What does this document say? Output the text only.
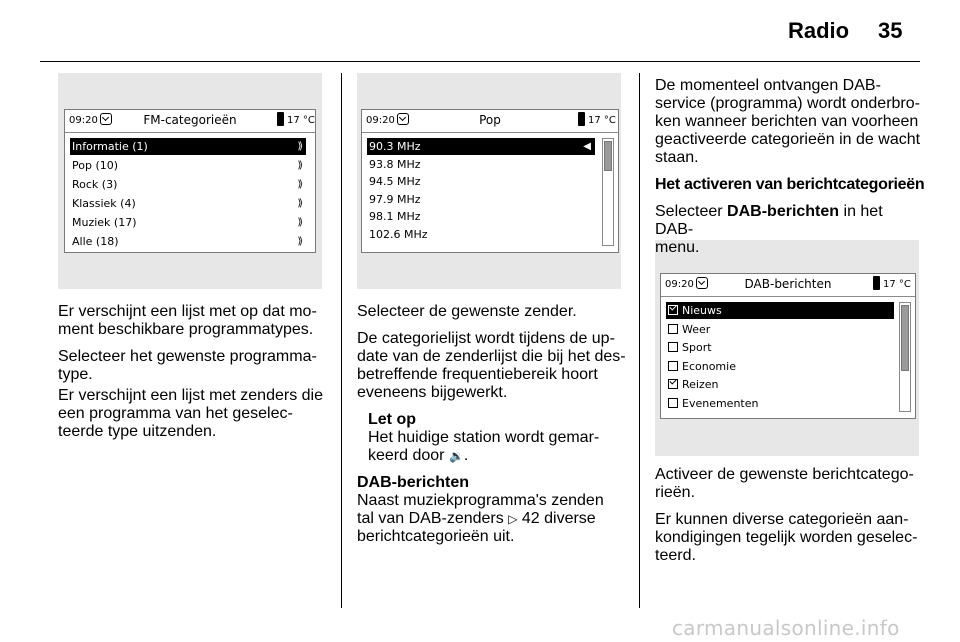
Radio 35
09:20	FM-categorieën	17 °C
Informatie (1)	⟫
Pop (10)	⟫
Rock (3)	⟫
Klassiek (4)	⟫
Muziek (17)	⟫
Alle (18)	⟫
09:20	Pop	17 °C
90.3 MHz	◀
93.8 MHz
94.5 MHz
97.9 MHz
98.1 MHz
102.6 MHz
09:20	DAB-berichten	17 °C
Nieuws
Weer
Sport
Economie
Reizen
Evenementen

Er verschijnt een lijst met op dat mo-
ment beschikbare programmatypes.

Selecteer het gewenste programma-
type.

Er verschijnt een lijst met zenders die
een programma van het geselec-
teerde type uitzenden.

Selecteer de gewenste zender.

De categorielijst wordt tijdens de up-
date van de zenderlijst die bij het des-
betreffende frequentiebereik hoort
eveneens bijgewerkt.

Let op
Het huidige station wordt gemar-
keerd door 🔉.
DAB-berichten
Naast muziekprogramma's zenden
tal van DAB-zenders ▷ 42 diverse
berichtcategorieën uit.

De momenteel ontvangen DAB-
service (programma) wordt onderbro-
ken wanneer berichten van voorheen
geactiveerde categorieën in de wacht
staan.

Het activeren van berichtcategorieën
Selecteer DAB-berichten in het DAB-
menu.

Activeer de gewenste berichtcatego-
rieën.

Er kunnen diverse categorieën aan-
kondigingen tegelijk worden geselec-
teerd.

carmanualsonline.info
